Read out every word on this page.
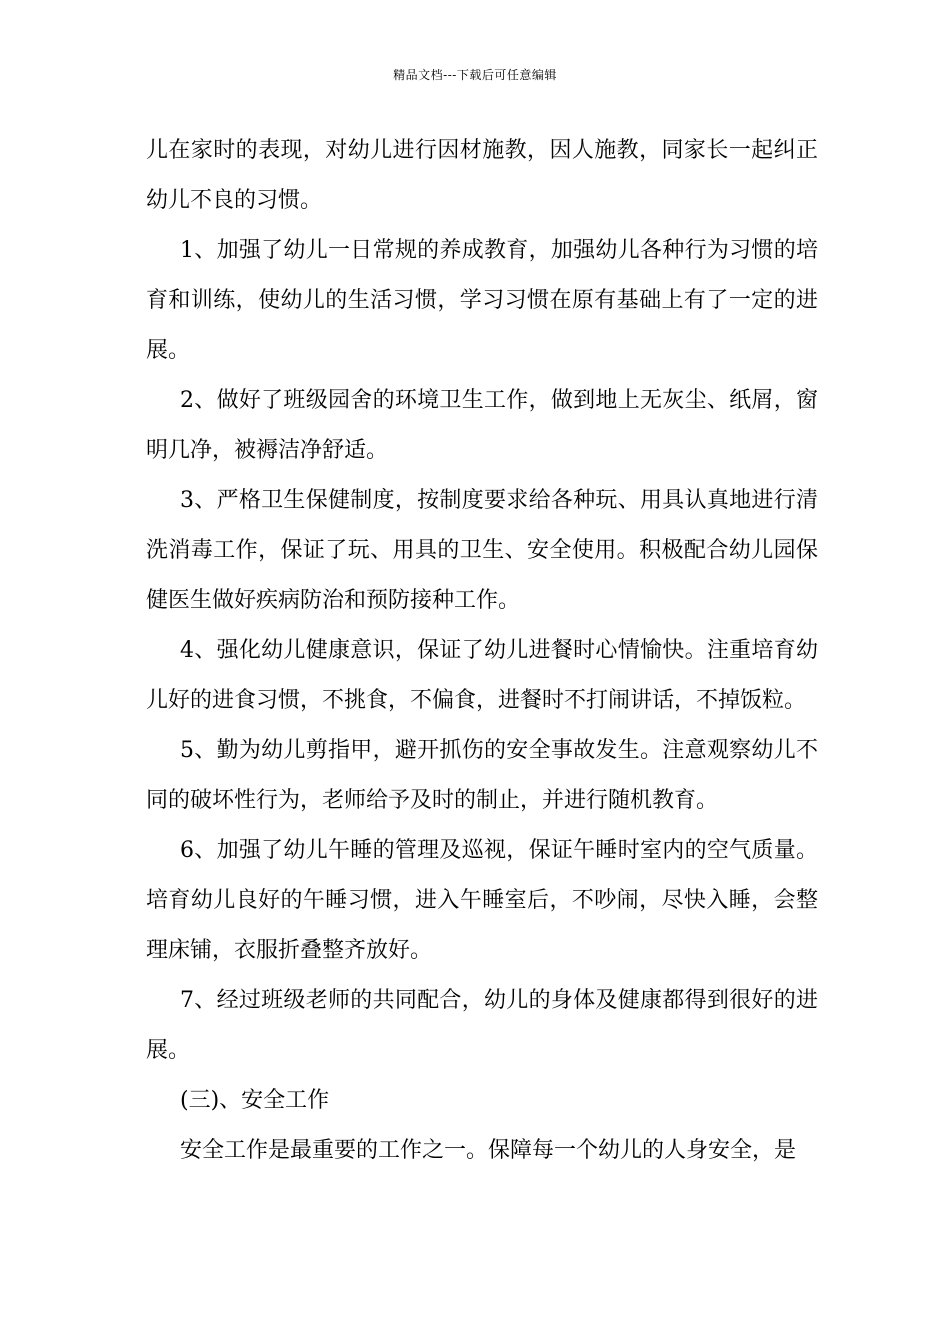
精品文档---下载后可任意编辑

儿在家时的表现，对幼儿进行因材施教，因人施教，同家长一起纠正幼儿不良的习惯。

1、加强了幼儿一日常规的养成教育，加强幼儿各种行为习惯的培育和训练，使幼儿的生活习惯，学习习惯在原有基础上有了一定的进展。

2、做好了班级园舍的环境卫生工作，做到地上无灰尘、纸屑，窗明几净，被褥洁净舒适。

3、严格卫生保健制度，按制度要求给各种玩、用具认真地进行清洗消毒工作，保证了玩、用具的卫生、安全使用。积极配合幼儿园保健医生做好疾病防治和预防接种工作。

4、强化幼儿健康意识，保证了幼儿进餐时心情愉快。注重培育幼儿好的进食习惯，不挑食，不偏食，进餐时不打闹讲话，不掉饭粒。

5、勤为幼儿剪指甲，避开抓伤的安全事故发生。注意观察幼儿不同的破坏性行为，老师给予及时的制止，并进行随机教育。

6、加强了幼儿午睡的管理及巡视，保证午睡时室内的空气质量。培育幼儿良好的午睡习惯，进入午睡室后，不吵闹，尽快入睡，会整理床铺，衣服折叠整齐放好。

7、经过班级老师的共同配合，幼儿的身体及健康都得到很好的进展。

(三)、安全工作

安全工作是最重要的工作之一。保障每一个幼儿的人身安全，是
